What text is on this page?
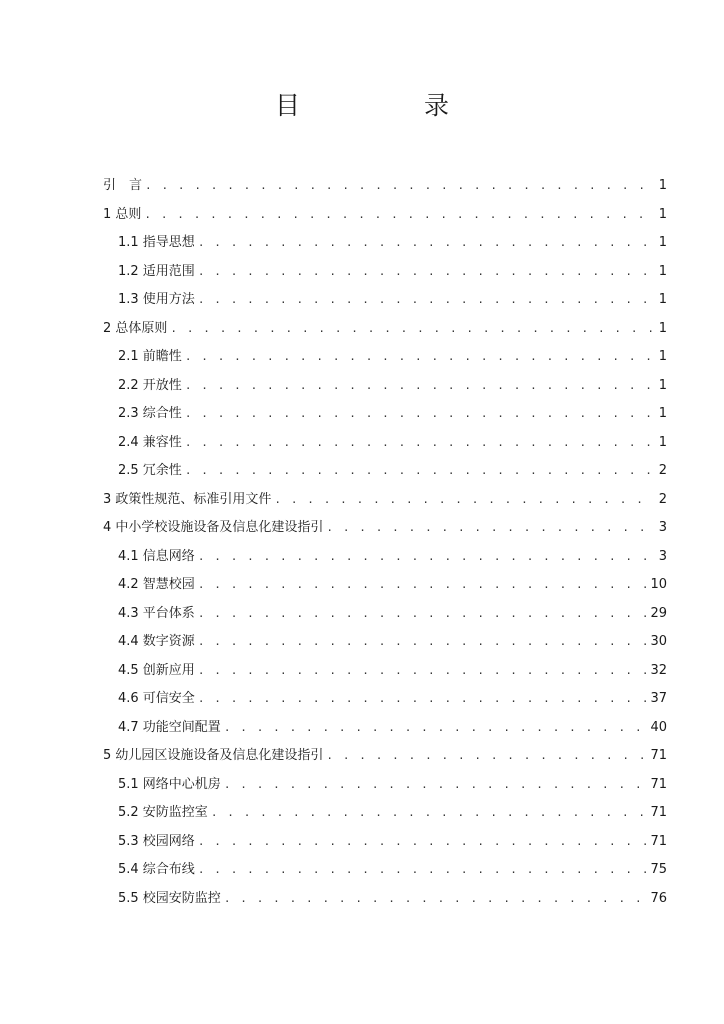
目 录
引　言 . . .	1
1 总则 . . .	1
1.1 指导思想 . . .	1
1.2 适用范围 . . .	1
1.3 使用方法 . . .	1
2 总体原则 . . .	1
2.1 前瞻性 . . .	1
2.2 开放性 . . .	1
2.3 综合性 . . .	1
2.4 兼容性 . . .	1
2.5 冗余性 . . .	2
3 政策性规范、标准引用文件 . . .	2
4 中小学校设施设备及信息化建设指引 . . .	3
4.1 信息网络 . . .	3
4.2 智慧校园 . . .	10
4.3 平台体系 . . .	29
4.4 数字资源 . . .	30
4.5 创新应用 . . .	32
4.6 可信安全 . . .	37
4.7 功能空间配置 . . .	40
5 幼儿园区设施设备及信息化建设指引 . . .	71
5.1 网络中心机房 . . .	71
5.2 安防监控室 . . .	71
5.3 校园网络 . . .	71
5.4 综合布线 . . .	75
5.5 校园安防监控 . . .	76
